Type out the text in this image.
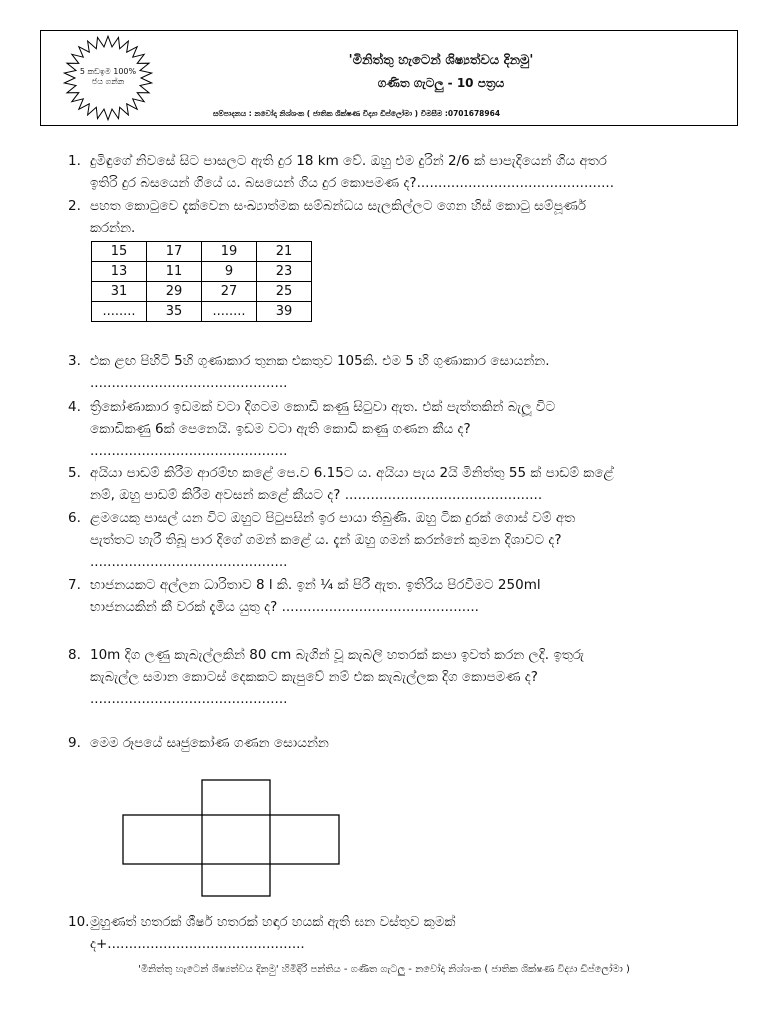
5 කඩඉම 100%
ජය ගන්න
'මිනිත්තු හැටෙන් ශිෂ්‍යත්වය දිනමු'
ගණිත ගැටලු - 10 පත්‍රය
සම්පාදනය : නවෝදා නිශ්ශංක ( ජාතික ශික්ෂණ විද්‍යා ඩිප්ලෝමා ) විමසීම :0701678964
1. දුමිඳුගේ නිවසේ සිට පාසලට ඇති දුර 18 km වේ. ඔහු එම දුරින් 2/6 ක් පාපැදියෙන් ගිය අතර
ඉතිරි දුර බසයෙන් ගියේ ය. බසයෙන් ගිය දුර කොපමණ ද?..............................................
2. පහත කොටුවෙ දැක්වෙන සංඛ්‍යාත්මක සම්බන්ධය සැලකිල්ලට ගෙන හිස් කොටු සම්පූර්ණ
කරන්න.
15	17	19	21
13	11	9	23
31	29	27	25
........	35	........	39
3. එක ළඟ පිහිටි 5හි ගුණාකාර තුනක එකතුව 105කි. එම 5 හි ගුණාකාර සොයන්න.
..............................................
4. ත්‍රිකෝණාකාර ඉඩමක් වටා දිගටම කොඩි කණු සිටුවා ඇත. එක් පැත්තකින් බැලූ විට
කොඩිකණු 6ක් පෙනෙයි. ඉඩම වටා ඇති කොඩි කණු ගණන කීය ද?
..............................................
5. අයියා පාඩම් කිරීම ආරම්භ කළේ පෙ.ව 6.15ට ය. අයියා පැය 2යි මිනිත්තු 55 ක් පාඩම් කළේ
නම්, ඔහු පාඩම් කිරීම අවසන් කළේ කීයට ද? ..............................................
6. ළමයෙකු පාසල් යන විට ඔහුට පිටුපසින් ඉර පායා තිබුණි. ඔහු ටික දුරක් ගොස් වම් අත
පැත්තට හැරී තිබූ පාර දිගේ ගමන් කළේ ය. දැන් ඔහු ගමන් කරන්නේ කුමන දිශාවට ද?
..............................................
7. භාජනයකට අල්ලන ධාරිතාව 8 l කි. ඉන් ¼ ක් පිරී ඇත. ඉතිරිය පිරවීමට 250ml
භාජනයකින් කී වරක් දැමිය යුතු ද? ..............................................
8. 10m දිග ලණු කැබැල්ලකින් 80 cm බැගින් වූ කැබලි හතරක් කපා ඉවත් කරන ලදි. ඉතුරු
කැබැල්ල සමාන කොටස් දෙකකට කැපුවේ නම් එක කැබැල්ලක දිග කොපමණ ද?
..............................................
9. මෙම රූපයේ සෘජුකෝණ ගණන සොයන්න
10. මුහුණත් හතරක් ශීර්ෂ හතරක් හඳාර හයක් ඇති ඝන වස්තුව කුමක්
ද+..............................................
'මිනිත්තු හැටෙන් ශිෂ්‍යත්වය දිනමු' හිමිදිරි පන්තිය - ගණිත ගැටලු - නවෝදා නිශ්ශංක ( ජාතික ශික්ෂණ විද්‍යා ඩිප්ලෝමා )
